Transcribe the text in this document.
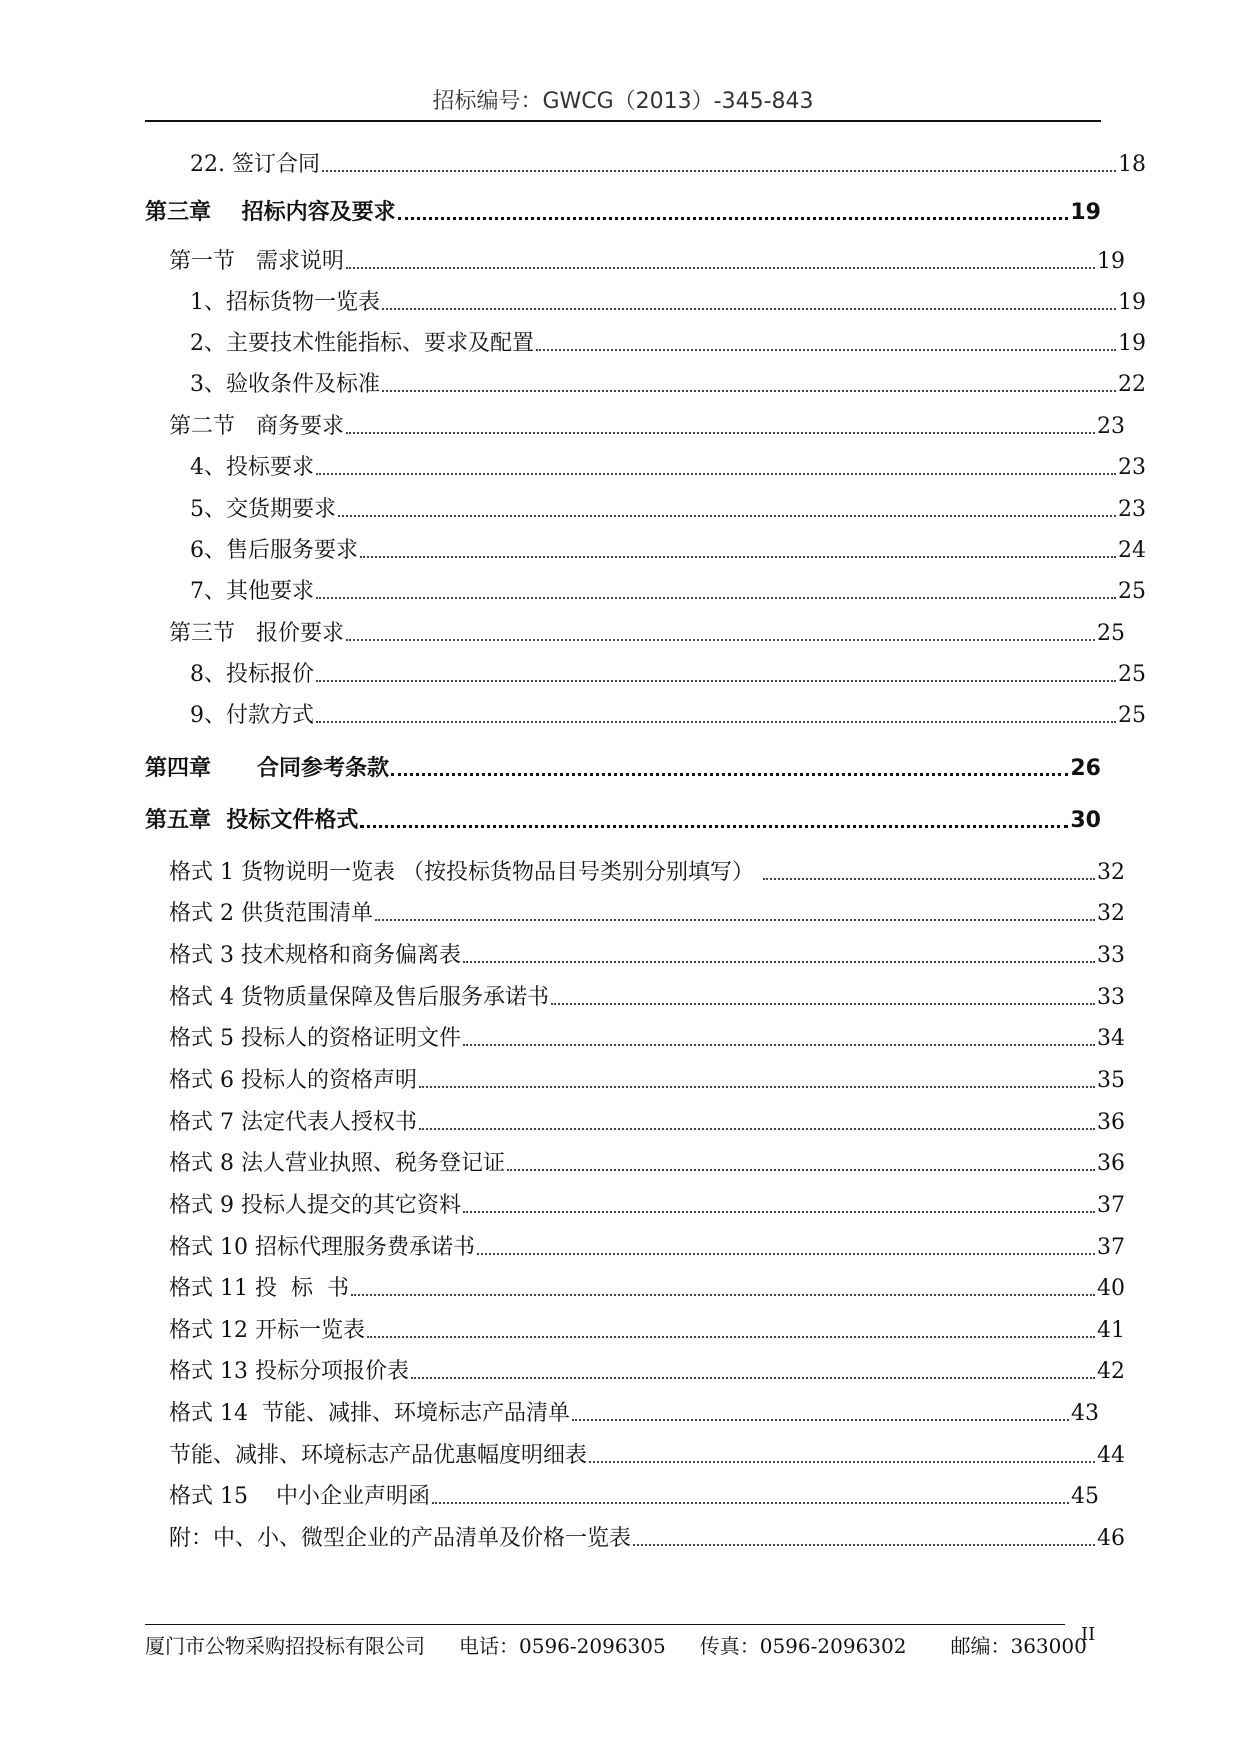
招标编号：GWCG（2013）-345-843
22. 签订合同	18
第三章    招标内容及要求	19
第一节   需求说明	19
1、招标货物一览表	19
2、主要技术性能指标、要求及配置	19
3、验收条件及标准	22
第二节   商务要求	23
4、投标要求	23
5、交货期要求	23
6、售后服务要求	24
7、其他要求	25
第三节   报价要求	25
8、投标报价	25
9、付款方式	25
第四章      合同参考条款	26
第五章  投标文件格式	30
格式 1 货物说明一览表 （按投标货物品目号类别分别填写）	32
格式 2 供货范围清单	32
格式 3 技术规格和商务偏离表	33
格式 4 货物质量保障及售后服务承诺书	33
格式 5 投标人的资格证明文件	34
格式 6 投标人的资格声明	35
格式 7 法定代表人授权书	36
格式 8 法人营业执照、税务登记证	36
格式 9 投标人提交的其它资料	37
格式 10 招标代理服务费承诺书	37
格式 11 投  标  书	40
格式 12 开标一览表	41
格式 13 投标分项报价表	42
格式 14  节能、减排、环境标志产品清单	43
节能、减排、环境标志产品优惠幅度明细表	44
格式 15    中小企业声明函	45
附：中、小、微型企业的产品清单及价格一览表	46
厦门市公物采购招投标有限公司 电话：0596-2096305 传真：0596-2096302 邮编：363000
II
